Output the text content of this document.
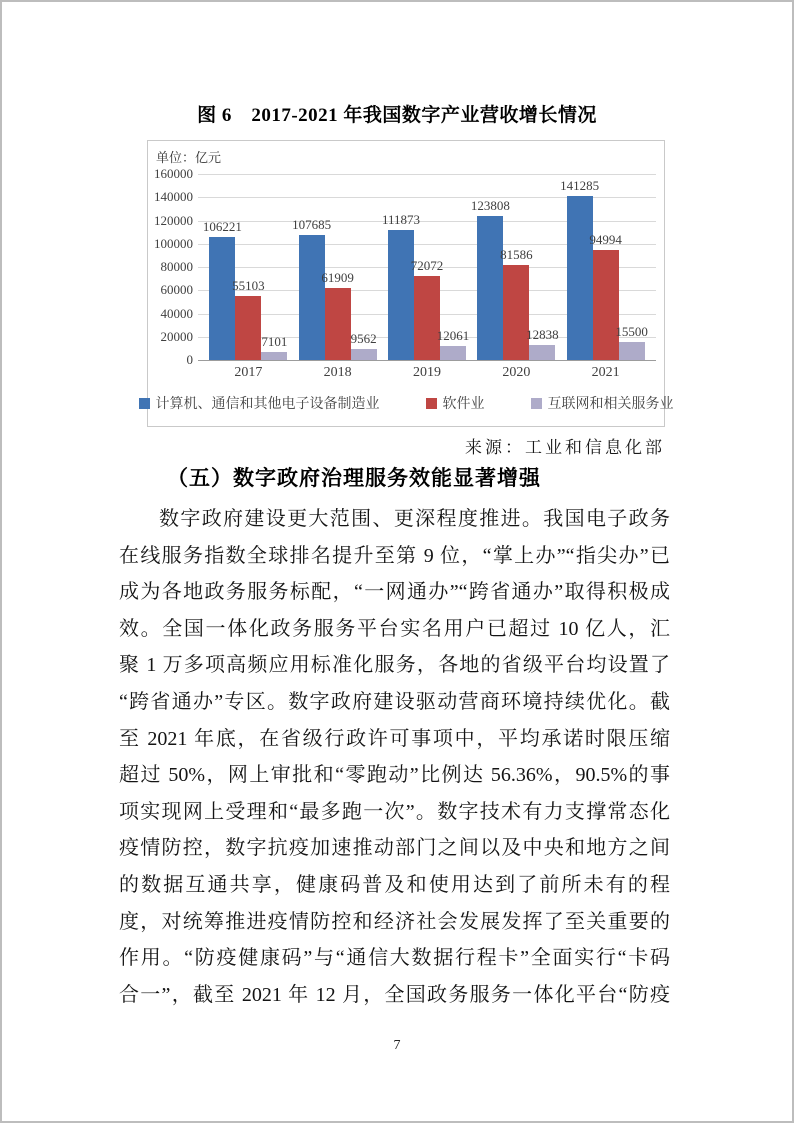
图 6　2017-2021 年我国数字产业营收增长情况
单位：亿元
0
20000
40000
60000
80000
100000
120000
140000
160000
106221
55103
7101
107685
61909
9562
111873
72072
12061
123808
81586
12838
141285
94994
15500
2017	2018	2019	2020	2021
计算机、通信和其他电子设备制造业	软件业	互联网和相关服务业
来源：工业和信息化部
（五）数字政府治理服务效能显著增强
数字政府建设更大范围、更深程度推进。我国电子政务
在线服务指数全球排名提升至第 9 位，“掌上办”“指尖办”已
成为各地政务服务标配，“一网通办”“跨省通办”取得积极成
效。全国一体化政务服务平台实名用户已超过 10 亿人，汇
聚 1 万多项高频应用标准化服务，各地的省级平台均设置了
“跨省通办”专区。数字政府建设驱动营商环境持续优化。截
至 2021 年底，在省级行政许可事项中，平均承诺时限压缩
超过 50%，网上审批和“零跑动”比例达 56.36%，90.5%的事
项实现网上受理和“最多跑一次”。数字技术有力支撑常态化
疫情防控，数字抗疫加速推动部门之间以及中央和地方之间
的数据互通共享，健康码普及和使用达到了前所未有的程
度，对统筹推进疫情防控和经济社会发展发挥了至关重要的
作用。“防疫健康码”与“通信大数据行程卡”全面实行“卡码
合一”，截至 2021 年 12 月，全国政务服务一体化平台“防疫
7
